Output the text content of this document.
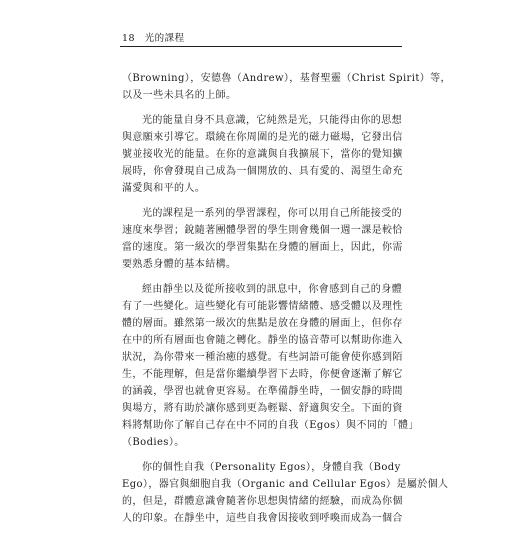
18 光的課程
（Browning），安德魯（Andrew），基督聖靈（Christ Spirit）等，
以及一些未具名的上師。
光的能量自身不具意識，它純然是光，只能得由你的思想
與意願來引導它。環繞在你周圍的是光的磁力磁場，它發出信
號並接收光的能量。在你的意識與自我擴展下，當你的覺知擴
展時，你會發現自己成為一個開放的、具有愛的、渴望生命充
滿愛與和平的人。
光的課程是一系列的學習課程，你可以用自己所能接受的
速度來學習；銳隨著團體學習的學生則會幾個一週一課是較恰
當的速度。第一級次的學習集點在身體的層面上，因此，你需
要熟悉身體的基本結構。
經由靜坐以及從所接收到的訊息中，你會感到自己的身體
有了一些變化。這些變化有可能影響情緒體、感受體以及理性
體的層面。雖然第一級次的焦點是放在身體的層面上，但你存
在中的所有層面也會隨之轉化。靜坐的協音帶可以幫助你進入
狀況，為你帶來一種治癒的感覺。有些詞語可能會使你感到陌
生，不能理解，但是當你繼續學習下去時，你便會逐漸了解它
的涵義，學習也就會更容易。在準備靜坐時，一個安靜的時間
與場方，將有助於讓你感到更為輕鬆、舒適與安全。下面的資
料將幫助你了解自己存在中不同的自我（Egos）與不同的「體」
（Bodies）。
你的個性自我（Personality Egos），身體自我（Body
Ego），器官與細胞自我（Organic and Cellular Egos）是屬於個人
的，但是，群體意識會隨著你思想與情緒的經驗，而成為你個
人的印象。在靜坐中，這些自我會因接收到呼喚而成為一個合
